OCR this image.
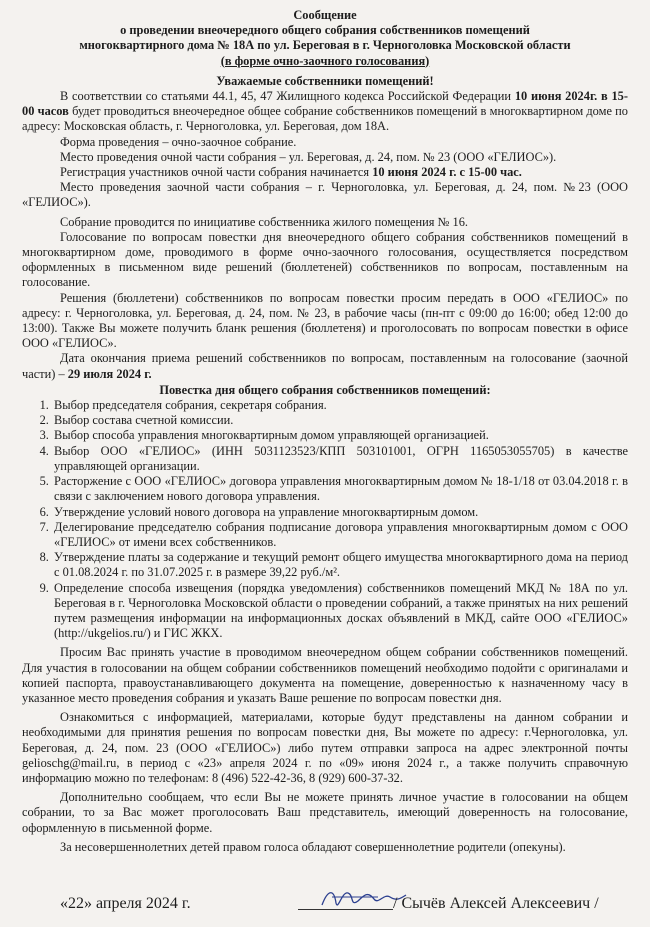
Сообщение
о проведении внеочередного общего собрания собственников помещений
многоквартирного дома № 18А по ул. Береговая в г. Черноголовка Московской области
(в форме очно-заочного голосования)
Уважаемые собственники помещений!

В соответствии со статьями 44.1, 45, 47 Жилищного кодекса Российской Федерации 10 июня 2024г. в 15-00 часов будет проводиться внеочередное общее собрание собственников помещений в многоквартирном доме по адресу: Московская область, г. Черноголовка, ул. Береговая, дом 18А.

Форма проведения – очно-заочное собрание.

Место проведения очной части собрания – ул. Береговая, д. 24, пом. № 23 (ООО «ГЕЛИОС»).

Регистрация участников очной части собрания начинается 10 июня 2024 г. с 15-00 час.

Место проведения заочной части собрания – г. Черноголовка, ул. Береговая, д. 24, пом. №23 (ООО «ГЕЛИОС»).

Собрание проводится по инициативе собственника жилого помещения № 16.

Голосование по вопросам повестки дня внеочередного общего собрания собственников помещений в многоквартирном доме, проводимого в форме очно-заочного голосования, осуществляется посредством оформленных в письменном виде решений (бюллетеней) собственников по вопросам, поставленным на голосование.

Решения (бюллетени) собственников по вопросам повестки просим передать в ООО «ГЕЛИОС» по адресу: г. Черноголовка, ул. Береговая, д. 24, пом. № 23, в рабочие часы (пн-пт с 09:00 до 16:00; обед 12:00 до 13:00). Также Вы можете получить бланк решения (бюллетеня) и проголосовать по вопросам повестки в офисе ООО «ГЕЛИОС».

Дата окончания приема решений собственников по вопросам, поставленным на голосование (заочной части) – 29 июля 2024 г.

Повестка дня общего собрания собственников помещений:
1. Выбор председателя собрания, секретаря собрания.
2. Выбор состава счетной комиссии.
3. Выбор способа управления многоквартирным домом управляющей организацией.
4. Выбор ООО «ГЕЛИОС» (ИНН 5031123523/КПП 503101001, ОГРН 1165053055705) в качестве управляющей организации.
5. Расторжение с ООО «ГЕЛИОС» договора управления многоквартирным домом № 18-1/18 от 03.04.2018 г. в связи с заключением нового договора управления.
6. Утверждение условий нового договора на управление многоквартирным домом.
7. Делегирование председателю собрания подписание договора управления многоквартирным домом с ООО «ГЕЛИОС» от имени всех собственников.
8. Утверждение платы за содержание и текущий ремонт общего имущества многоквартирного дома на период с 01.08.2024 г. по 31.07.2025 г. в размере 39,22 руб./м².
9. Определение способа извещения (порядка уведомления) собственников помещений МКД № 18А по ул. Береговая в г. Черноголовка Московской области о проведении собраний, а также принятых на них решений путем размещения информации на информационных досках объявлений в МКД, сайте ООО «ГЕЛИОС» (http://ukgelios.ru/) и ГИС ЖКХ.

Просим Вас принять участие в проводимом внеочередном общем собрании собственников помещений. Для участия в голосовании на общем собрании собственников помещений необходимо подойти с оригиналами и копией паспорта, правоустанавливающего документа на помещение, доверенностью к назначенному часу в указанное место проведения собрания и указать Ваше решение по вопросам повестки дня.

Ознакомиться с информацией, материалами, которые будут представлены на данном собрании и необходимыми для принятия решения по вопросам повестки дня, Вы можете по адресу: г.Черноголовка, ул. Береговая, д. 24, пом. 23 (ООО «ГЕЛИОС») либо путем отправки запроса на адрес электронной почты gelioschg@mail.ru, в период с «23» апреля 2024 г. по «09» июня 2024 г., а также получить справочную информацию можно по телефонам: 8 (496) 522-42-36, 8 (929) 600-37-32.

Дополнительно сообщаем, что если Вы не можете принять личное участие в голосовании на общем собрании, то за Вас может проголосовать Ваш представитель, имеющий доверенность на голосование, оформленную в письменной форме.

За несовершеннолетних детей правом голоса обладают совершеннолетние родители (опекуны).

«22» апреля 2024 г.	/ Сычёв Алексей Алексеевич /
